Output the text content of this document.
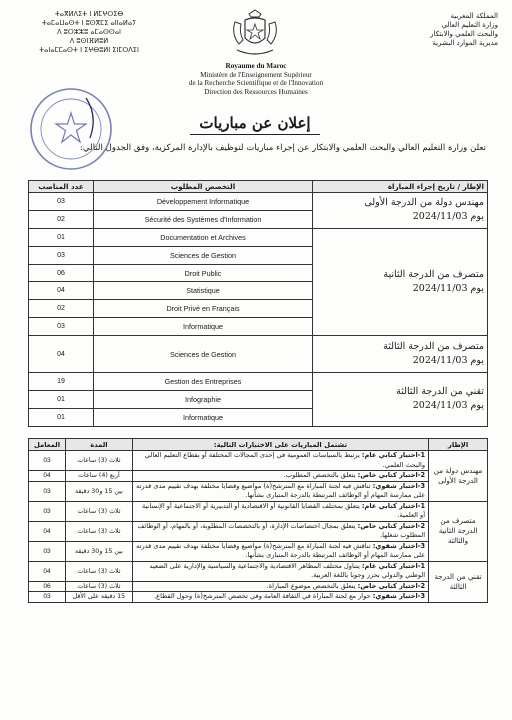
ⵜⴰⴳⵍⴷⵉⵜ ⵏ ⵍⵎⵖⵔⵉⴱ
ⵜⴰⵎⴰⵡⴰⵙⵜ ⵏ ⵓⵙⴳⵎⵉ ⴰⵏⵏⴰⵍⴰⵢ
ⴷ ⵓⵔⵣⵣⵓ ⴰⵎⴰⵙⵙⴰⵏ
ⴷ ⵓⵙⵏⴼⵍⵓⵍ
ⵜⴰⵏⴰⵎⵎⴰⵙⵜ ⵏ ⵉⵖⴱⵓⵍⵏ ⵉⵏⵎⵔⴷⵉⵏ
المملكة المغربية
وزارة التعليم العالي
والبحث العلمي والابتكار
مديرية الموارد البشرية
Royaume du Maroc
Ministère de l'Enseignement Supérieur
de la Recherche Scientifique et de l'Innovation
Direction des Ressources Humaines
إعلان عن مباريات
تعلن وزارة التعليم العالي والبحث العلمي والابتكار عن إجراء مباريات لتوظيف بالإدارة المركزية، وفق الجدول التالي:
عدد المناصب	التخصص المطلوب	الإطار / تاريخ إجراء المباراة
03	Développement Informatique	مهندس دولة من الدرجة الأولى
يوم 2024/11/03

02	Sécurité des Systèmes d'Information	
01	Documentation et Archives	متصرف من الدرجة الثانية
يوم 2024/11/03

03	Sciences de Gestion	
06	Droit Public	
04	Statistique	
02	Droit Privé en Français	
03	Informatique	
04	Sciences de Gestion	متصرف من الدرجة الثالثة
يوم 2024/11/03

19	Gestion des Entreprises	تقني من الدرجة الثالثة
يوم 2024/11/03

01	Infographie	
01	Informatique	
المعامل	المدة	تشتمل المباريات على الاختبارات التالية:	الإطار
03	ثلاث (3) ساعات	1-اختبار كتابي عام: يرتبط بالسياسات العمومية في إحدى المجالات المختلفة أو بقطاع التعليم العالي والبحث العلمي.	مهندس دولة من الدرجة الأولى
04	أربع (4) ساعات	2-اختبار كتابي خاص: يتعلق بالتخصص المطلوب.	
03	بين 15 و30 دقيقة	3-اختبار شفوي: تناقش فيه لجنة المباراة مع المترشح(ة) مواضيع وقضايا مختلفة بهدف تقييم مدى قدرته على ممارسة المهام أو الوظائف المرتبطة بالدرجة المتبارى بشأنها.	
03	ثلاث (3) ساعات	1-اختبار كتابي عام: يتعلق بمختلف القضايا القانونية أو الاقتصادية أو التدبيرية أو الاجتماعية أو الإنسانية أو العلمية.	متصرف من الدرجة الثانية والثالثة
04	ثلاث (3) ساعات	2-اختبار كتابي خاص: يتعلق بمجال اختصاصات الإدارة، أو بالتخصصات المطلوبة، أو بالمهام، أو الوظائف المطلوب شغلها.	
03	بين 15 و30 دقيقة	3-اختبار شفوي: تناقش فيه لجنة المباراة مع المترشح(ة) مواضيع وقضايا مختلفة بهدف تقييم مدى قدرته على ممارسة المهام أو الوظائف المرتبطة بالدرجة المتبارى بشأنها.	
04	ثلاث (3) ساعات	1-اختبار كتابي عام: يتناول مختلف المظاهر الاقتصادية والاجتماعية والسياسية والإدارية على الصعيد الوطني والدولي بحرر وجوبا باللغة العربية.	تقني من الدرجة الثالثة
06	ثلاث (3) ساعات	2-اختبار كتابي خاص: يتعلق بالتخصص موضوع المباراة.	
03	15 دقيقة على الأقل	3-اختبار شفوي: حوار مع لجنة المباراة في الثقافة العامة وفي تخصص المترشح(ة) وحول القطاع.	
